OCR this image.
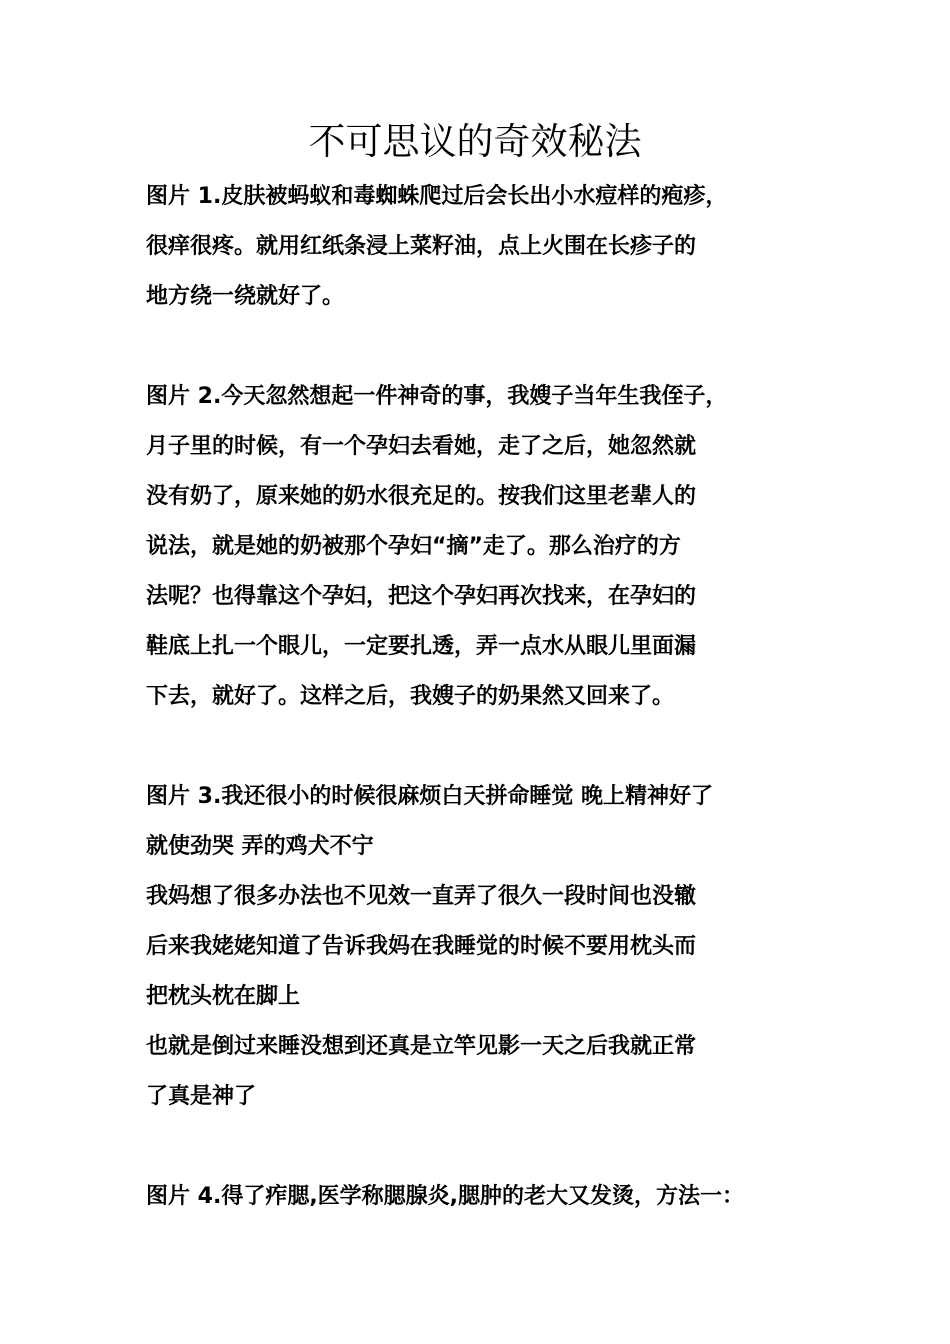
不可思议的奇效秘法
图片 1.皮肤被蚂蚁和毒蜘蛛爬过后会长出小水痘样的疱疹，
很痒很疼。就用红纸条浸上菜籽油，点上火围在长疹子的
地方绕一绕就好了。
图片 2.今天忽然想起一件神奇的事，我嫂子当年生我侄子，
月子里的时候，有一个孕妇去看她，走了之后，她忽然就
没有奶了，原来她的奶水很充足的。按我们这里老辈人的
说法，就是她的奶被那个孕妇“摘”走了。那么治疗的方
法呢？也得靠这个孕妇，把这个孕妇再次找来，在孕妇的
鞋底上扎一个眼儿，一定要扎透，弄一点水从眼儿里面漏
下去，就好了。这样之后，我嫂子的奶果然又回来了。
图片 3.我还很小的时候很麻烦白天拼命睡觉 晚上精神好了
就使劲哭 弄的鸡犬不宁
我妈想了很多办法也不见效一直弄了很久一段时间也没辙
后来我姥姥知道了告诉我妈在我睡觉的时候不要用枕头而
把枕头枕在脚上
也就是倒过来睡没想到还真是立竿见影一天之后我就正常
了真是神了
图片 4.得了痄腮,医学称腮腺炎,腮肿的老大又发烫，方法一：
